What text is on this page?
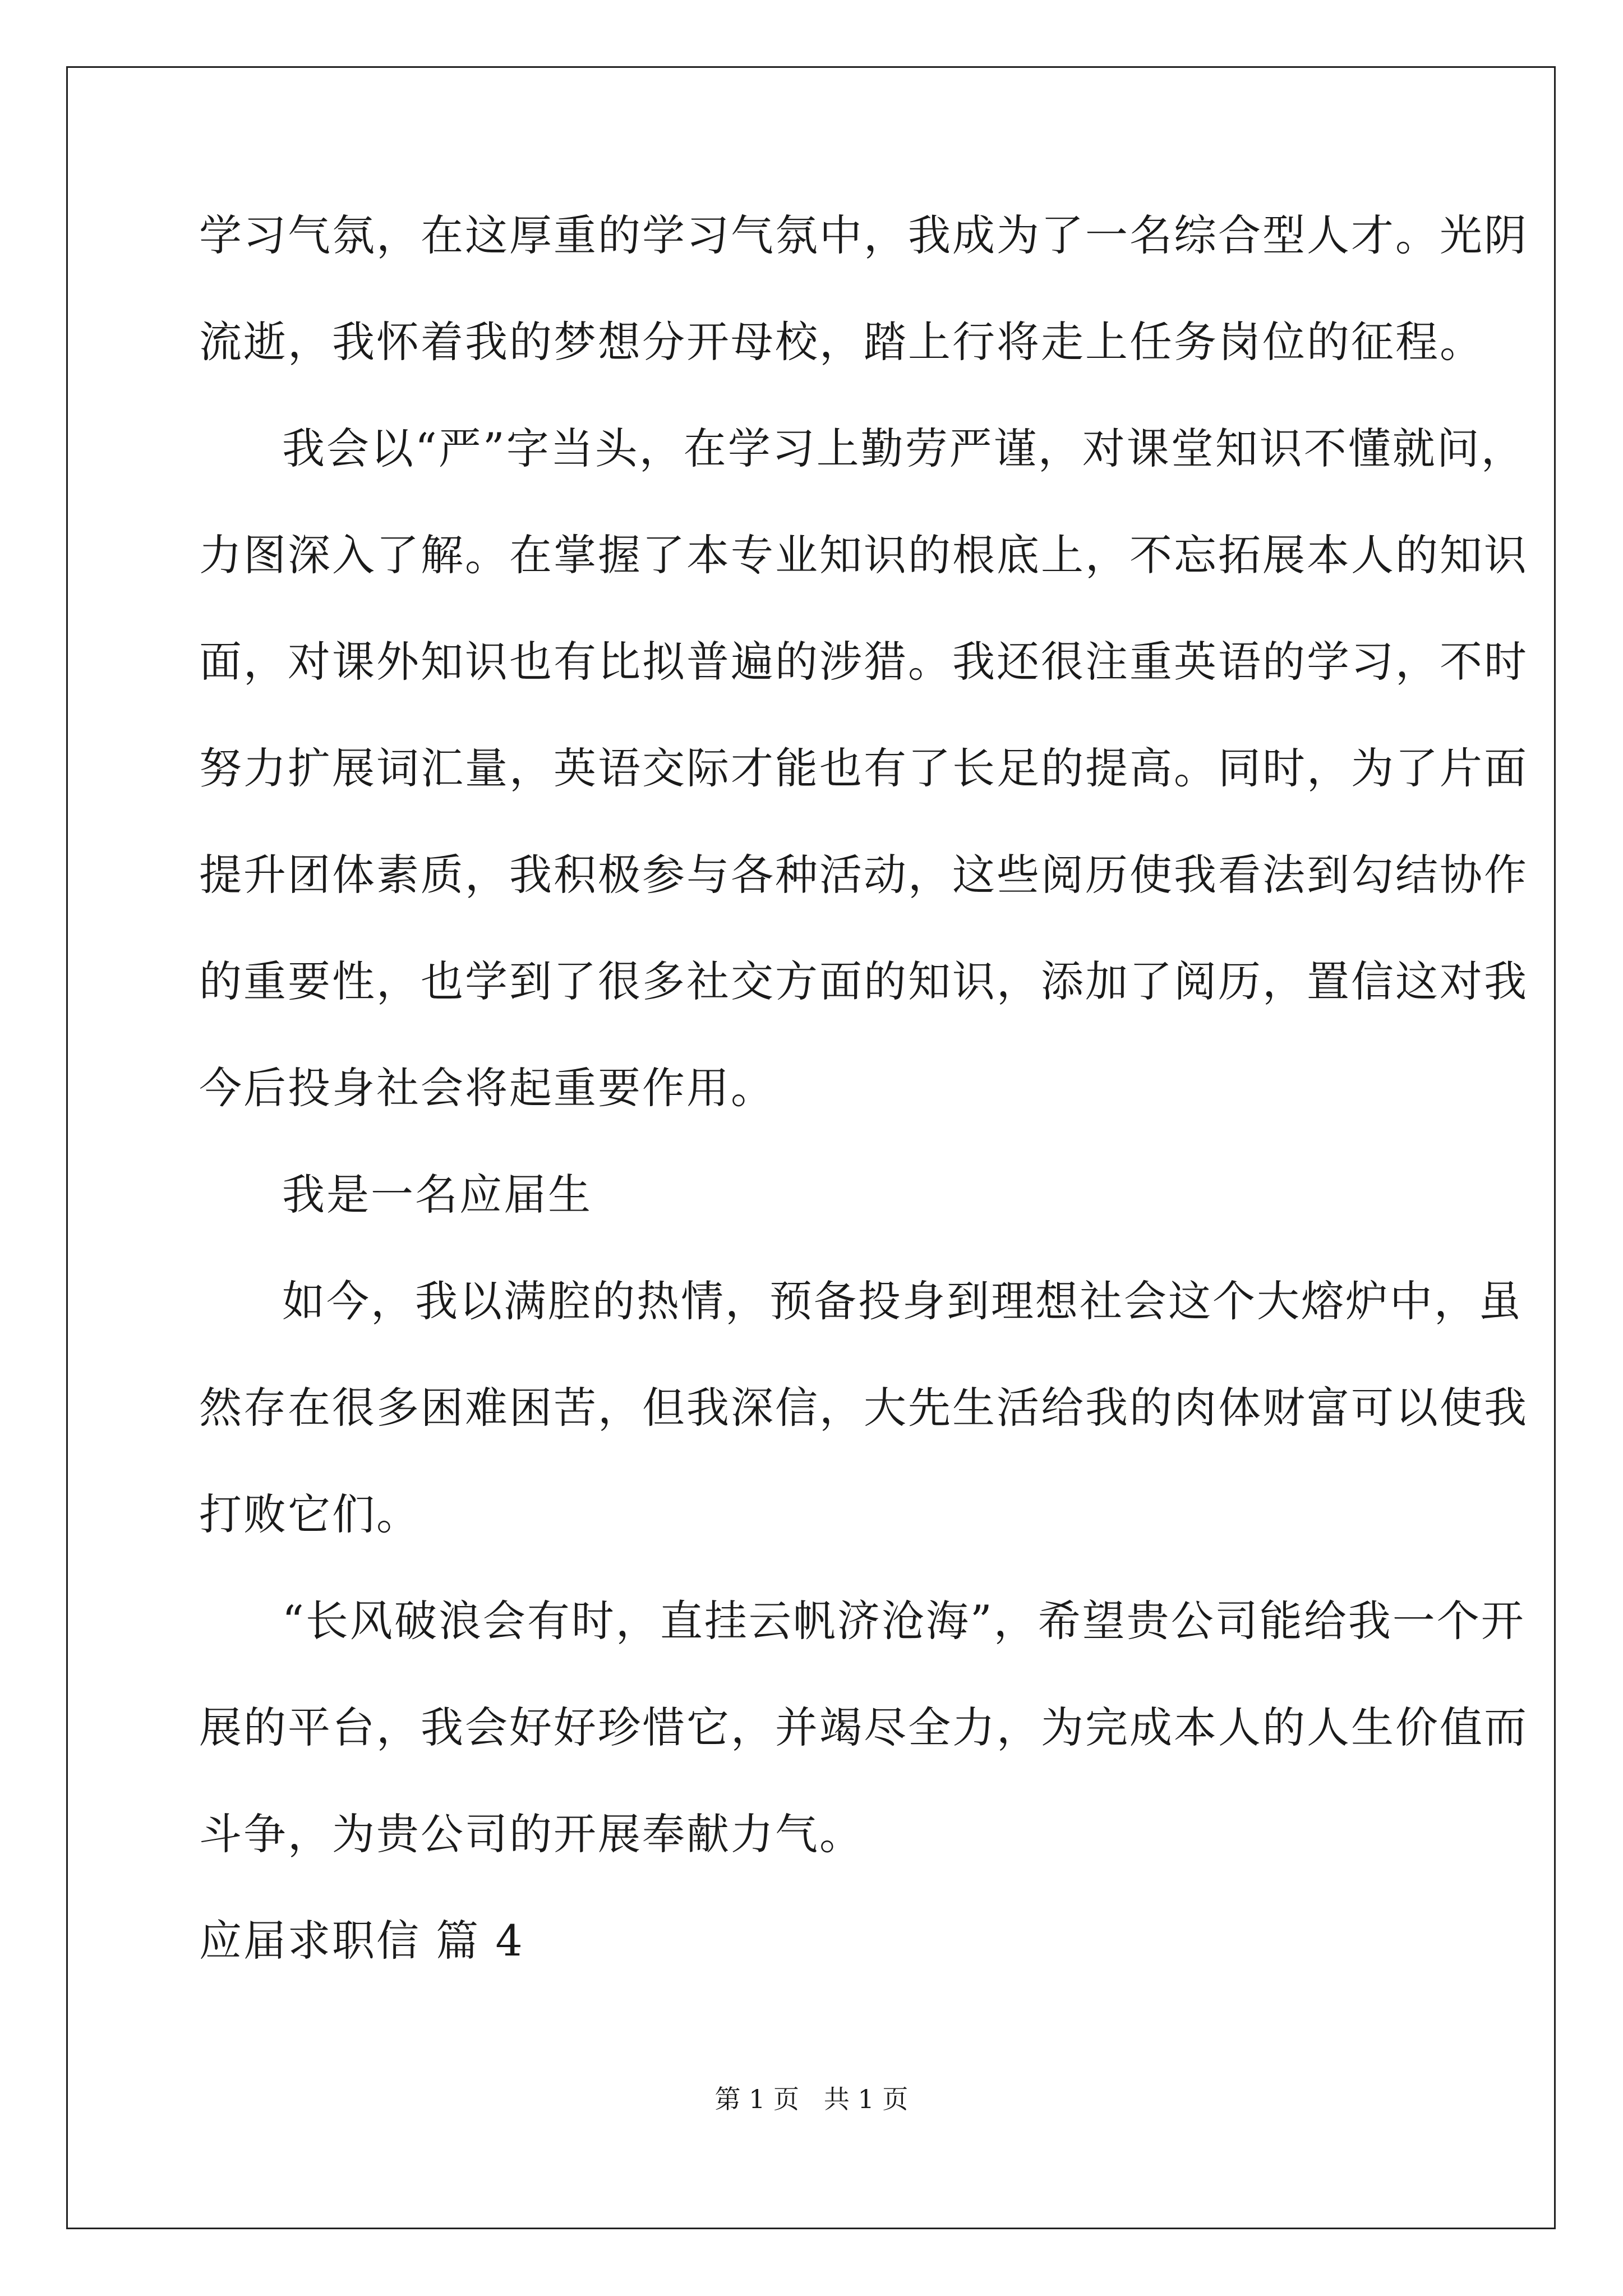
学习气氛，在这厚重的学习气氛中，我成为了一名综合型人才。光阴
流逝，我怀着我的梦想分开母校，踏上行将走上任务岗位的征程。
我会以“严”字当头，在学习上勤劳严谨，对课堂知识不懂就问，
力图深入了解。在掌握了本专业知识的根底上，不忘拓展本人的知识
面，对课外知识也有比拟普遍的涉猎。我还很注重英语的学习，不时
努力扩展词汇量，英语交际才能也有了长足的提高。同时，为了片面
提升团体素质，我积极参与各种活动，这些阅历使我看法到勾结协作
的重要性，也学到了很多社交方面的知识，添加了阅历，置信这对我
今后投身社会将起重要作用。
我是一名应届生
如今，我以满腔的热情，预备投身到理想社会这个大熔炉中，虽
然存在很多困难困苦，但我深信，大先生活给我的肉体财富可以使我
打败它们。
“长风破浪会有时，直挂云帆济沧海”，希望贵公司能给我一个开
展的平台，我会好好珍惜它，并竭尽全力，为完成本人的人生价值而
斗争，为贵公司的开展奉献力气。
应届求职信 篇 4
第 1 页   共 1 页
